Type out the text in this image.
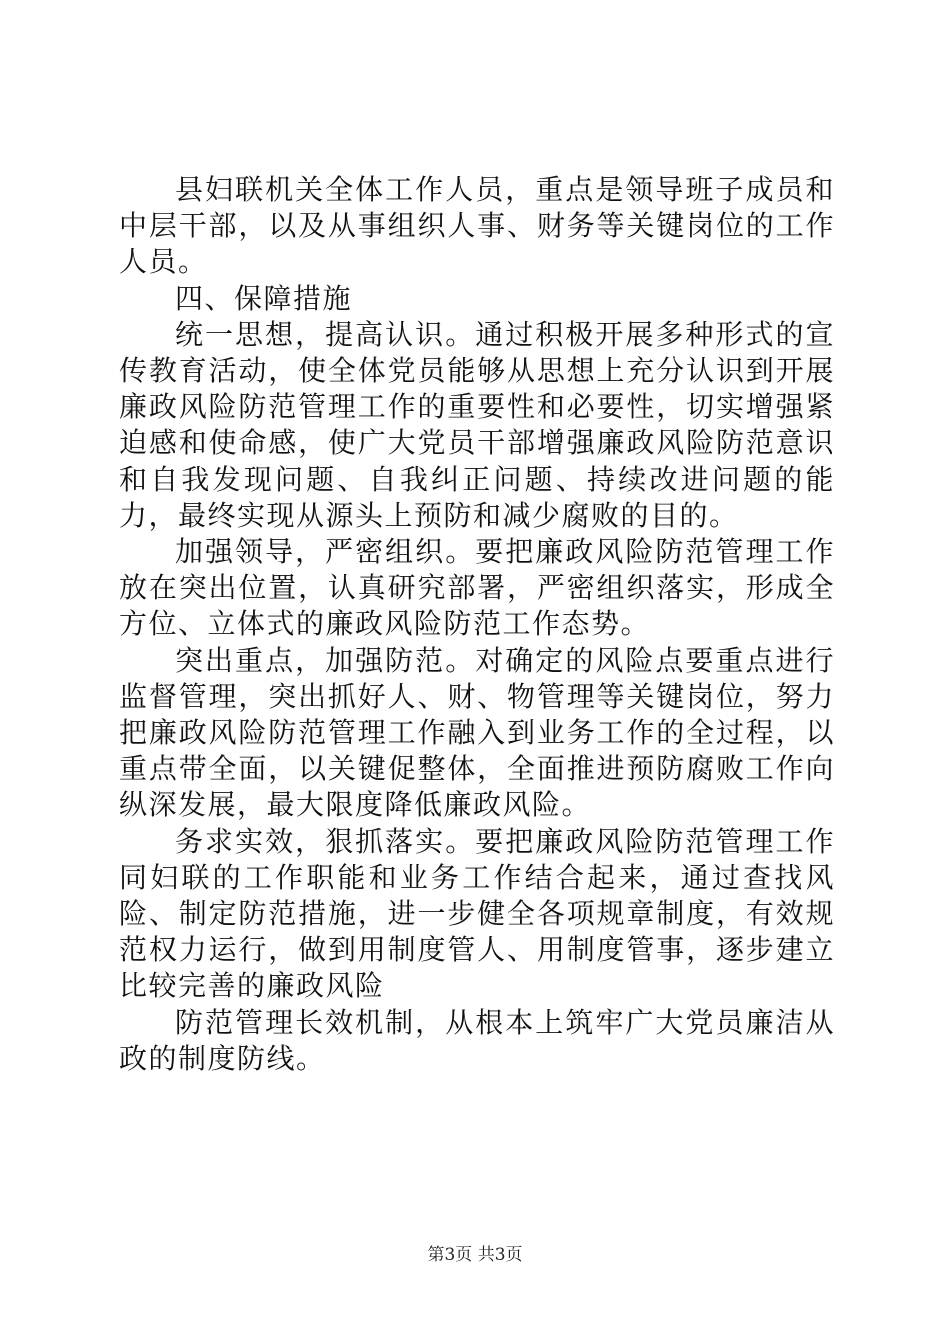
县妇联机关全体工作人员，重点是领导班子成员和中层干部，以及从事组织人事、财务等关键岗位的工作人员。

四、保障措施

统一思想，提高认识。通过积极开展多种形式的宣传教育活动，使全体党员能够从思想上充分认识到开展廉政风险防范管理工作的重要性和必要性，切实增强紧迫感和使命感，使广大党员干部增强廉政风险防范意识和自我发现问题、自我纠正问题、持续改进问题的能力，最终实现从源头上预防和减少腐败的目的。

加强领导，严密组织。要把廉政风险防范管理工作放在突出位置，认真研究部署，严密组织落实，形成全方位、立体式的廉政风险防范工作态势。

突出重点，加强防范。对确定的风险点要重点进行监督管理，突出抓好人、财、物管理等关键岗位，努力把廉政风险防范管理工作融入到业务工作的全过程，以重点带全面，以关键促整体，全面推进预防腐败工作向纵深发展，最大限度降低廉政风险。

务求实效，狠抓落实。要把廉政风险防范管理工作同妇联的工作职能和业务工作结合起来，通过查找风险、制定防范措施，进一步健全各项规章制度，有效规范权力运行，做到用制度管人、用制度管事，逐步建立比较完善的廉政风险

防范管理长效机制，从根本上筑牢广大党员廉洁从政的制度防线。

第3页 共3页
